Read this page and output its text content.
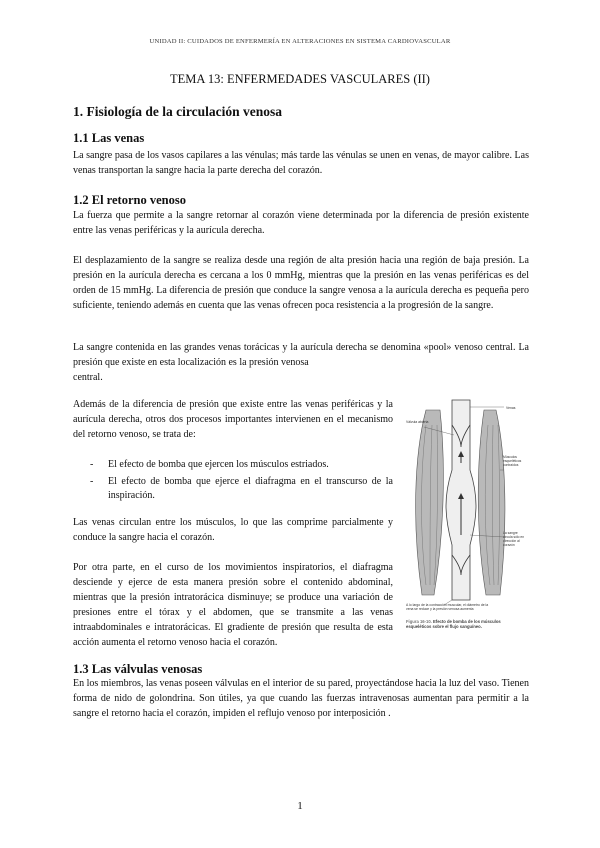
UNIDAD II: CUIDADOS DE ENFERMERÍA EN ALTERACIONES EN SISTEMA CARDIOVASCULAR
TEMA 13: ENFERMEDADES VASCULARES (II)
1. Fisiología de la circulación venosa
1.1 Las venas

La sangre pasa de los vasos capilares a las vénulas; más tarde las vénulas se unen en venas, de mayor calibre. Las venas transportan la sangre hacia la parte derecha del corazón.

1.2 El retorno venoso

La fuerza que permite a la sangre retornar al corazón viene determinada por la diferencia de presión existente entre las venas periféricas y la aurícula derecha.

El desplazamiento de la sangre se realiza desde una región de alta presión hacia una región de baja presión. La presión en la aurícula derecha es cercana a los 0 mmHg, mientras que la presión en las venas periféricas es del orden de 15 mmHg. La diferencia de presión que conduce la sangre venosa a la aurícula derecha es pequeña pero suficiente, teniendo además en cuenta que las venas ofrecen poca resistencia a la progresión de la sangre.

La sangre contenida en las grandes venas torácicas y la aurícula derecha se denomina «pool» venoso central. La presión que existe en esta localización es la presión venosa

central.

Además de la diferencia de presión que existe entre las venas periféricas y la aurícula derecha, otros dos procesos importantes intervienen en el mecanismo del retorno venoso, se trata de:

- El efecto de bomba que ejercen los músculos estriados.
- El efecto de bomba que ejerce el diafragma en el transcurso de la inspiración.

Las venas circulan entre los músculos, lo que las comprime parcialmente y conduce la sangre hacia el corazón.

Por otra parte, en el curso de los movimientos inspiratorios, el diafragma desciende y ejerce de esta manera presión sobre el contenido abdominal, mientras que la presión intratorácica disminuye; se produce una variación de presiones entre el tórax y el abdomen, que se transmite a las venas intraabdominales e intratorácicas. El gradiente de presión que resulta de esta acción aumenta el retorno venoso hacia el corazón.

Venas
Válvula abierta
Músculos esqueléticos contraídos
La sangre circula sólo en dirección al corazón
A lo largo de la contracción muscular, el diámetro de la vena se reduce y la presión venosa aumenta
Figura 16-10. Efecto de bomba de los músculos esqueléticos sobre el flujo sanguíneo.
1.3 Las válvulas venosas

En los miembros, las venas poseen válvulas en el interior de su pared, proyectándose hacia la luz del vaso. Tienen forma de nido de golondrina. Son útiles, ya que cuando las fuerzas intravenosas aumentan para permitir a la sangre el retorno hacia el corazón, impiden el reflujo venoso por interposición .

1
